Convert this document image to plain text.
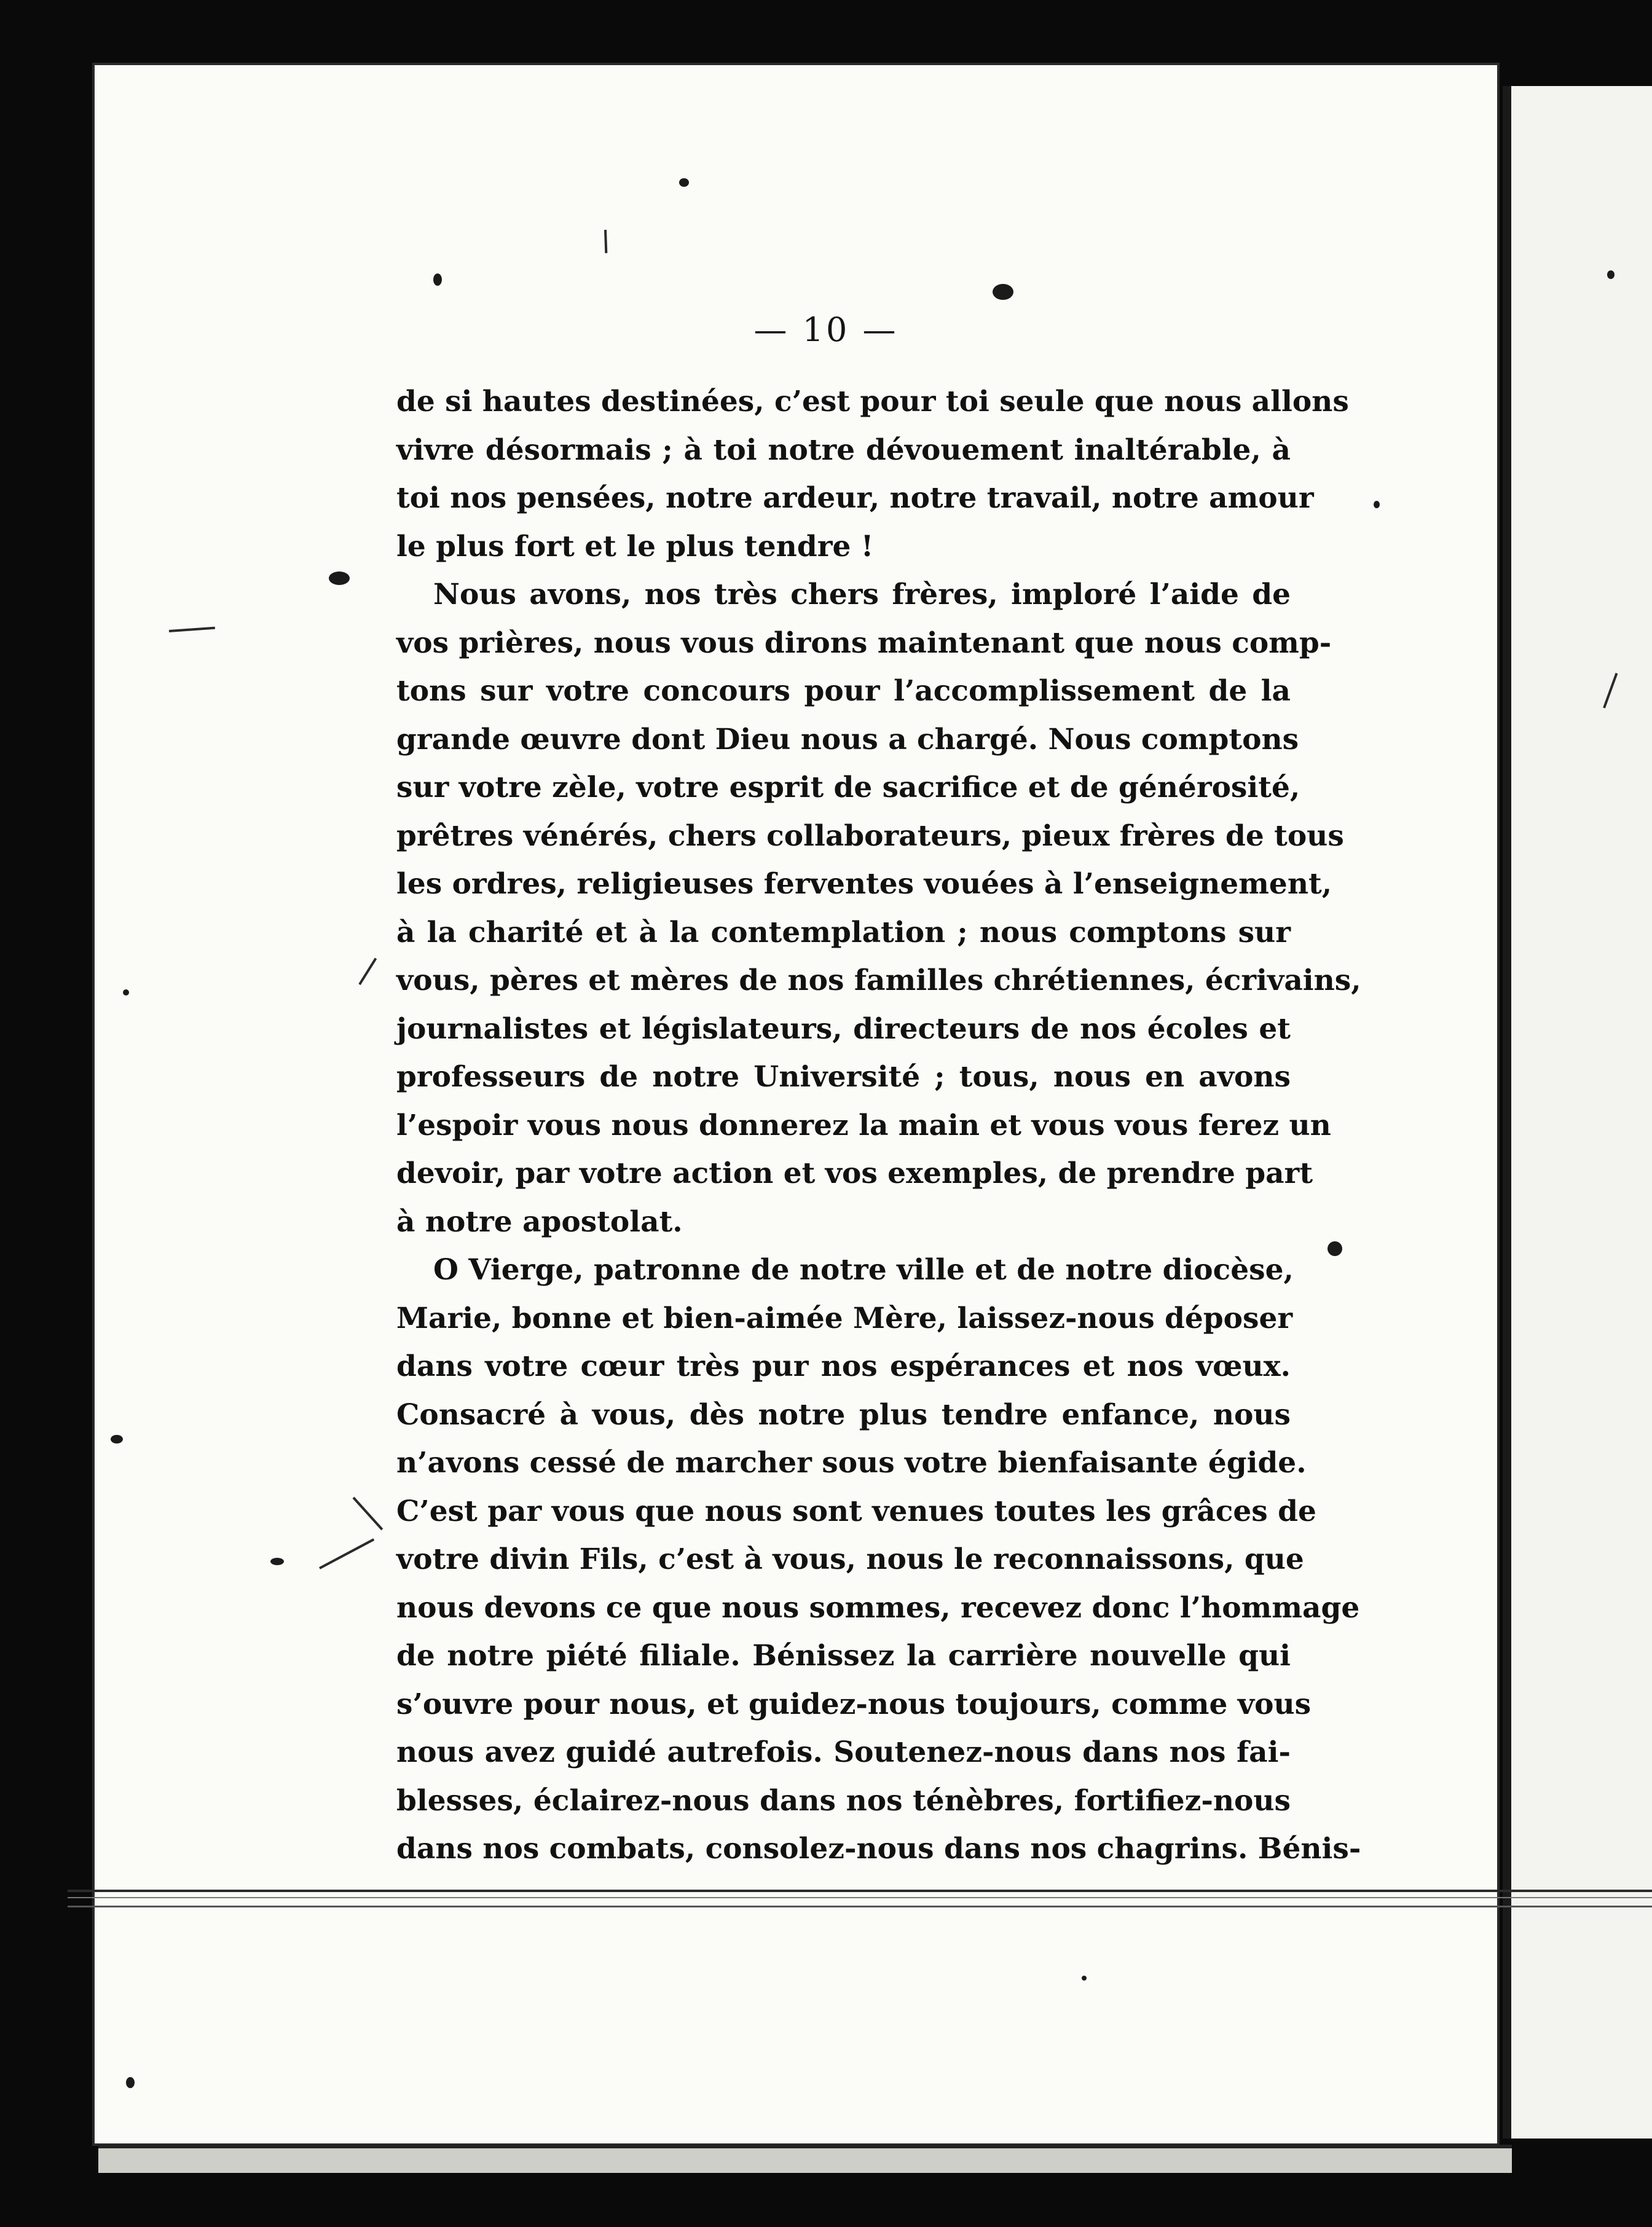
— 10 —
de si hautes destinées, c’est pour toi seule que nous allons
vivre désormais ; à toi notre dévouement inaltérable, à
toi nos pensées, notre ardeur, notre travail, notre amour
le plus fort et le plus tendre !
Nous avons, nos très chers frères, imploré l’aide de
vos prières, nous vous dirons maintenant que nous comp-
tons sur votre concours pour l’accomplissement de la
grande œuvre dont Dieu nous a chargé. Nous comptons
sur votre zèle, votre esprit de sacrifice et de générosité,
prêtres vénérés, chers collaborateurs, pieux frères de tous
les ordres, religieuses ferventes vouées à l’enseignement,
à la charité et à la contemplation ; nous comptons sur
vous, pères et mères de nos familles chrétiennes, écrivains,
journalistes et législateurs, directeurs de nos écoles et
professeurs de notre Université ; tous, nous en avons
l’espoir vous nous donnerez la main et vous vous ferez un
devoir, par votre action et vos exemples, de prendre part
à notre apostolat.
O Vierge, patronne de notre ville et de notre diocèse,
Marie, bonne et bien-aimée Mère, laissez-nous déposer
dans votre cœur très pur nos espérances et nos vœux.
Consacré à vous, dès notre plus tendre enfance, nous
n’avons cessé de marcher sous votre bienfaisante égide.
C’est par vous que nous sont venues toutes les grâces de
votre divin Fils, c’est à vous, nous le reconnaissons, que
nous devons ce que nous sommes, recevez donc l’hommage
de notre piété filiale. Bénissez la carrière nouvelle qui
s’ouvre pour nous, et guidez-nous toujours, comme vous
nous avez guidé autrefois. Soutenez-nous dans nos fai-
blesses, éclairez-nous dans nos ténèbres, fortifiez-nous
dans nos combats, consolez-nous dans nos chagrins. Bénis-
